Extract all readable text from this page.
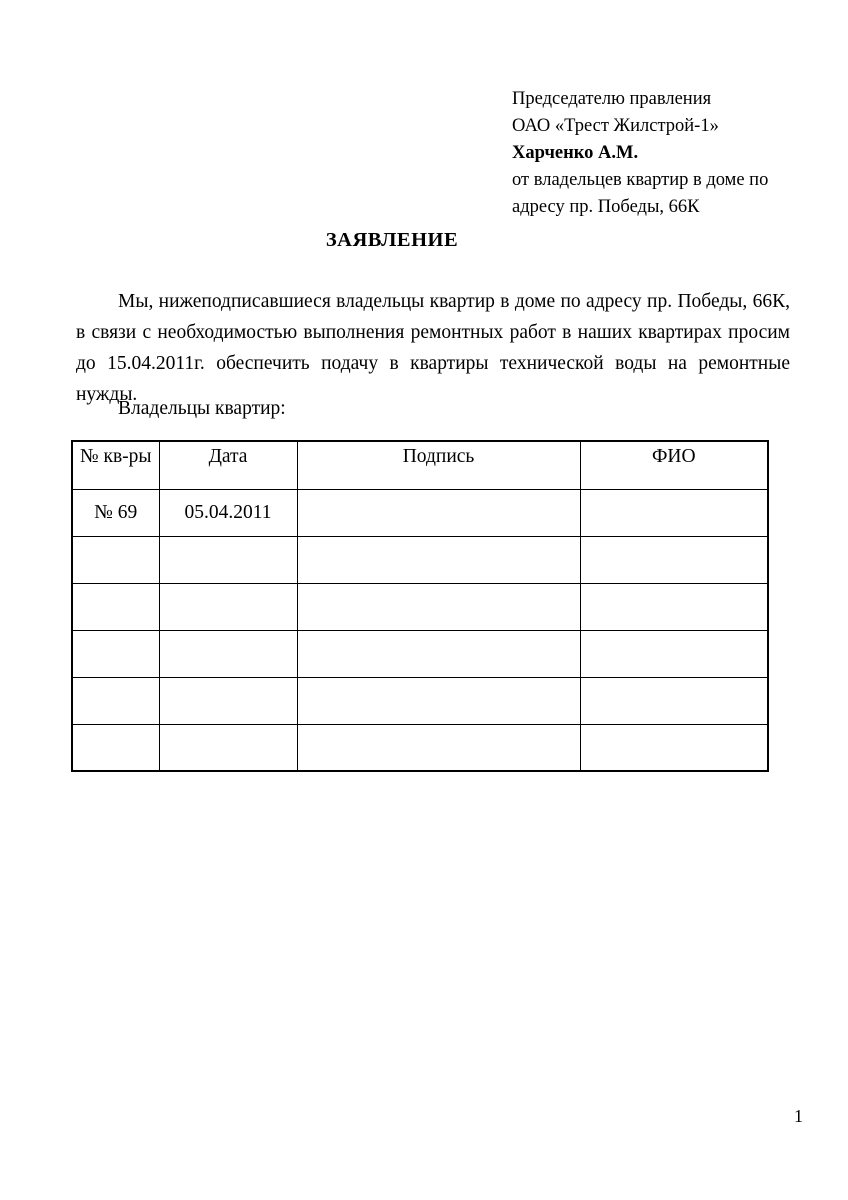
Председателю правления
ОАО «Трест Жилстрой-1»
Харченко А.М.
от владельцев квартир в доме по
адресу пр. Победы, 66К
ЗАЯВЛЕНИЕ

Мы, нижеподписавшиеся владельцы квартир в доме по адресу пр. Победы, 66К, в связи с необходимостью выполнения ремонтных работ в наших квартирах просим до 15.04.2011г. обеспечить подачу в квартиры технической воды на ремонтные нужды.

Владельцы квартир:
№ кв-ры	Дата	Подпись	ФИО
№ 69	05.04.2011		

1
